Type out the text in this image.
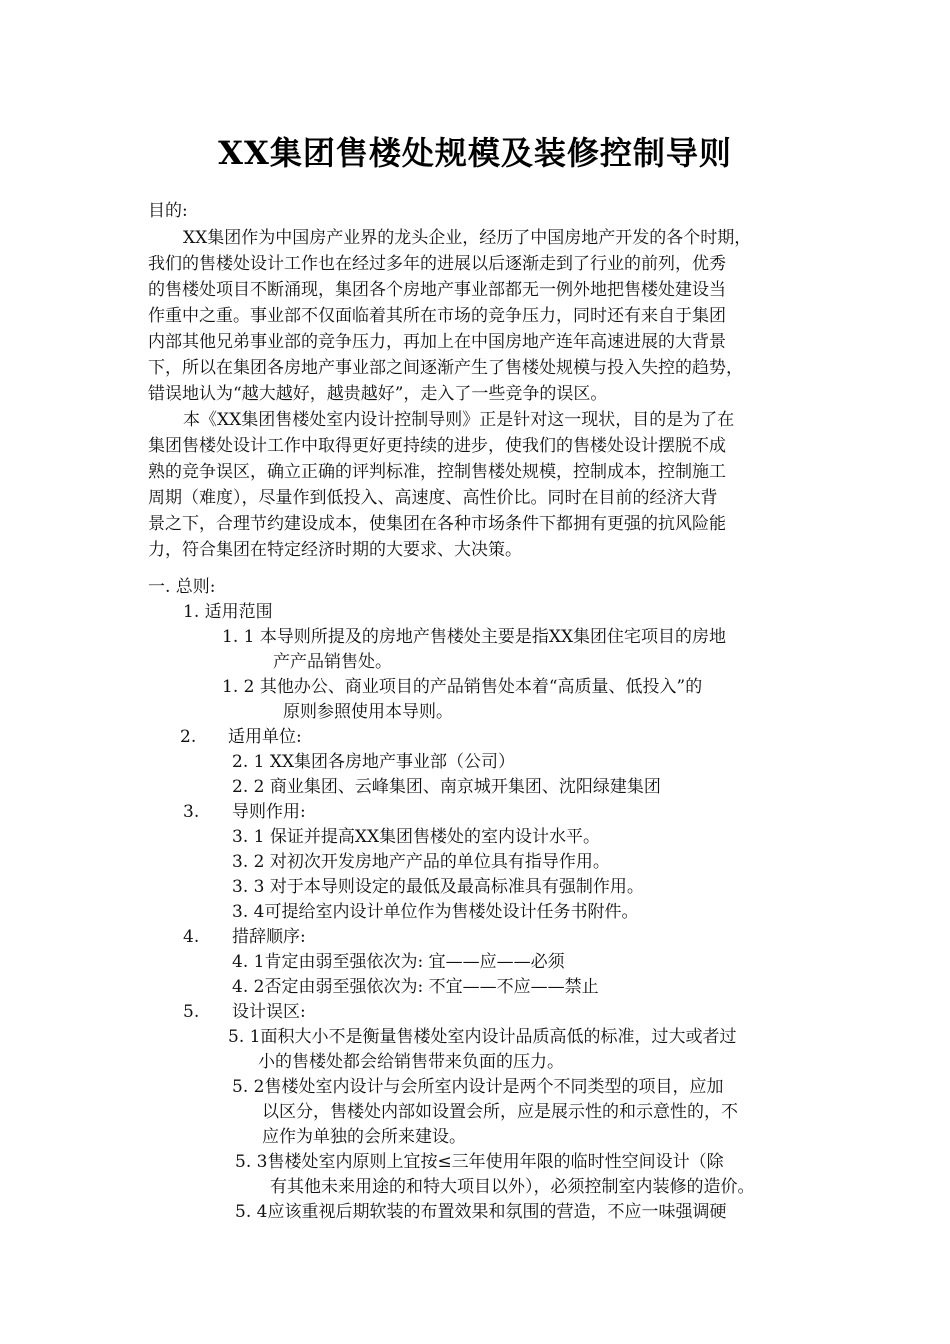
XX集团售楼处规模及装修控制导则
目的:
XX集团作为中国房产业界的龙头企业，经历了中国房地产开发的各个时期，
我们的售楼处设计工作也在经过多年的进展以后逐渐走到了行业的前列，优秀
的售楼处项目不断涌现，集团各个房地产事业部都无一例外地把售楼处建设当
作重中之重。事业部不仅面临着其所在市场的竞争压力，同时还有来自于集团
内部其他兄弟事业部的竞争压力，再加上在中国房地产连年高速进展的大背景
下，所以在集团各房地产事业部之间逐渐产生了售楼处规模与投入失控的趋势，
错误地认为“越大越好，越贵越好”，走入了一些竞争的误区。
本《XX集团售楼处室内设计控制导则》正是针对这一现状，目的是为了在
集团售楼处设计工作中取得更好更持续的进步，使我们的售楼处设计摆脱不成
熟的竞争误区，确立正确的评判标准，控制售楼处规模，控制成本，控制施工
周期（难度），尽量作到低投入、高速度、高性价比。同时在目前的经济大背
景之下，合理节约建设成本，使集团在各种市场条件下都拥有更强的抗风险能
力，符合集团在特定经济时期的大要求、大决策。
一. 总则:
1. 适用范围
1. 1 本导则所提及的房地产售楼处主要是指XX集团住宅项目的房地
产产品销售处。
1. 2 其他办公、商业项目的产品销售处本着“高质量、低投入”的
原则参照使用本导则。
2. 适用单位:
2. 1 XX集团各房地产事业部（公司）
2. 2 商业集团、云峰集团、南京城开集团、沈阳绿建集团
3. 导则作用:
3. 1 保证并提高XX集团售楼处的室内设计水平。
3. 2 对初次开发房地产产品的单位具有指导作用。
3. 3 对于本导则设定的最低及最高标准具有强制作用。
3. 4可提给室内设计单位作为售楼处设计任务书附件。
4. 措辞顺序:
4. 1肯定由弱至强依次为: 宜——应——必须
4. 2否定由弱至强依次为: 不宜——不应——禁止
5. 设计误区:
5. 1面积大小不是衡量售楼处室内设计品质高低的标准，过大或者过
小的售楼处都会给销售带来负面的压力。
5. 2售楼处室内设计与会所室内设计是两个不同类型的项目，应加
以区分，售楼处内部如设置会所，应是展示性的和示意性的，不
应作为单独的会所来建设。
5. 3售楼处室内原则上宜按≤三年使用年限的临时性空间设计（除
有其他未来用途的和特大项目以外），必须控制室内装修的造价。
5. 4应该重视后期软装的布置效果和氛围的营造，不应一味强调硬
